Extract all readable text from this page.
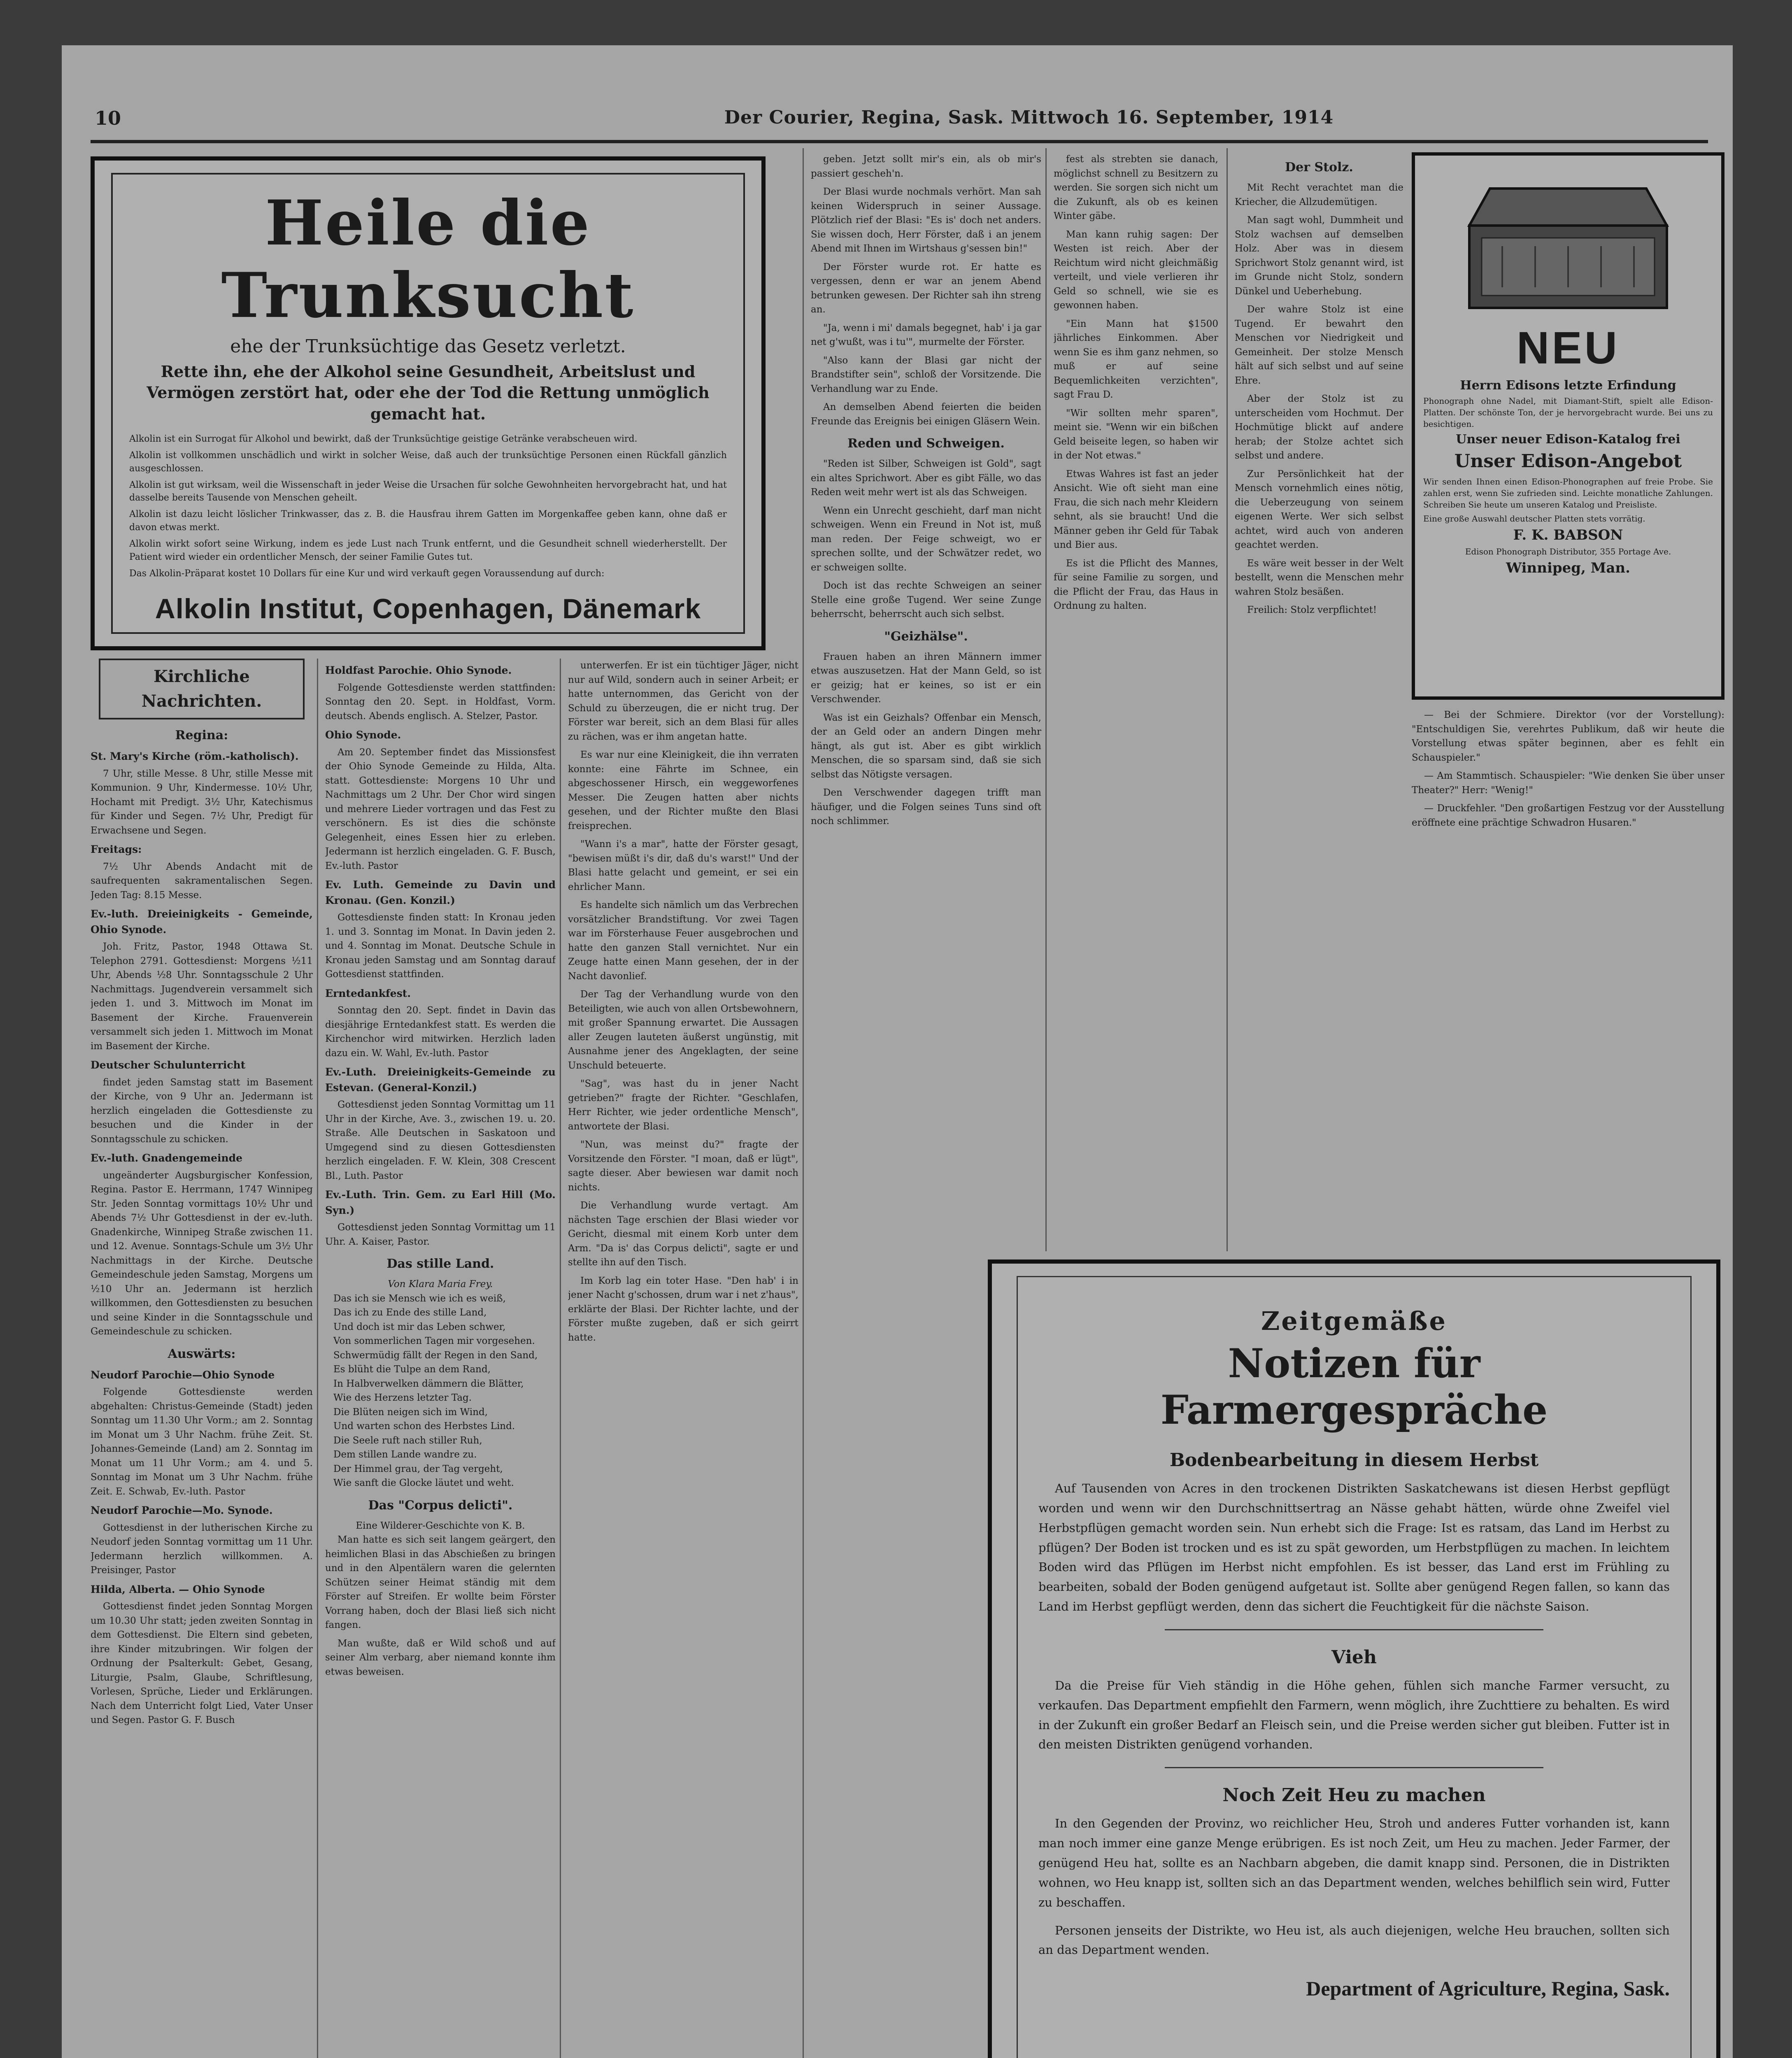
10	Der Courier, Regina, Sask. Mittwoch 16. September, 1914
Heile die Trunksucht
ehe der Trunksüchtige das Gesetz verletzt.
Rette ihn, ehe der Alkohol seine Gesundheit, Arbeitslust und Vermögen zerstört hat, oder ehe der Tod die Rettung unmöglich gemacht hat.

Alkolin ist ein Surrogat für Alkohol und bewirkt, daß der Trunksüchtige geistige Getränke verabscheuen wird.

Alkolin ist vollkommen unschädlich und wirkt in solcher Weise, daß auch der trunksüchtige Personen einen Rückfall gänzlich ausgeschlossen.

Alkolin ist gut wirksam, weil die Wissenschaft in jeder Weise die Ursachen für solche Gewohnheiten hervorgebracht hat, und hat dasselbe bereits Tausende von Menschen geheilt.

Alkolin ist dazu leicht löslicher Trinkwasser, das z. B. die Hausfrau ihrem Gatten im Morgenkaffee geben kann, ohne daß er davon etwas merkt.

Alkolin wirkt sofort seine Wirkung, indem es jede Lust nach Trunk entfernt, und die Gesundheit schnell wiederherstellt. Der Patient wird wieder ein ordentlicher Mensch, der seiner Familie Gutes tut.

Das Alkolin-Präparat kostet 10 Dollars für eine Kur und wird verkauft gegen Voraussendung auf durch:

Alkolin Institut, Copenhagen, Dänemark
Kirchliche Nachrichten.
Regina:
St. Mary's Kirche (röm.-katholisch).

7 Uhr, stille Messe. 8 Uhr, stille Messe mit Kommunion. 9 Uhr, Kindermesse. 10½ Uhr, Hochamt mit Predigt. 3½ Uhr, Katechismus für Kinder und Segen. 7½ Uhr, Predigt für Erwachsene und Segen.

Freitags:

7½ Uhr Abends Andacht mit de saufrequenten sakramentalischen Segen. Jeden Tag: 8.15 Messe.

Ev.-luth. Dreieinigkeits - Gemeinde, Ohio Synode.

Joh. Fritz, Pastor, 1948 Ottawa St. Telephon 2791. Gottesdienst: Morgens ½11 Uhr, Abends ½8 Uhr. Sonntagsschule 2 Uhr Nachmittags. Jugendverein versammelt sich jeden 1. und 3. Mittwoch im Monat im Basement der Kirche. Frauenverein versammelt sich jeden 1. Mittwoch im Monat im Basement der Kirche.

Deutscher Schulunterricht

findet jeden Samstag statt im Basement der Kirche, von 9 Uhr an. Jedermann ist herzlich eingeladen die Gottesdienste zu besuchen und die Kinder in der Sonntagsschule zu schicken.

Ev.-luth. Gnadengemeinde

ungeänderter Augsburgischer Konfession, Regina. Pastor E. Herrmann, 1747 Winnipeg Str. Jeden Sonntag vormittags 10½ Uhr und Abends 7½ Uhr Gottesdienst in der ev.-luth. Gnadenkirche, Winnipeg Straße zwischen 11. und 12. Avenue. Sonntags-Schule um 3½ Uhr Nachmittags in der Kirche. Deutsche Gemeindeschule jeden Samstag, Morgens um ½10 Uhr an. Jedermann ist herzlich willkommen, den Gottesdiensten zu besuchen und seine Kinder in die Sonntagsschule und Gemeindeschule zu schicken.

Auswärts:
Neudorf Parochie—Ohio Synode

Folgende Gottesdienste werden abgehalten: Christus-Gemeinde (Stadt) jeden Sonntag um 11.30 Uhr Vorm.; am 2. Sonntag im Monat um 3 Uhr Nachm. frühe Zeit. St. Johannes-Gemeinde (Land) am 2. Sonntag im Monat um 11 Uhr Vorm.; am 4. und 5. Sonntag im Monat um 3 Uhr Nachm. frühe Zeit. E. Schwab, Ev.-luth. Pastor

Neudorf Parochie—Mo. Synode.

Gottesdienst in der lutherischen Kirche zu Neudorf jeden Sonntag vormittag um 11 Uhr. Jedermann herzlich willkommen. A. Preisinger, Pastor

Hilda, Alberta. — Ohio Synode

Gottesdienst findet jeden Sonntag Morgen um 10.30 Uhr statt; jeden zweiten Sonntag in dem Gottesdienst. Die Eltern sind gebeten, ihre Kinder mitzubringen. Wir folgen der Ordnung der Psalterkult: Gebet, Gesang, Liturgie, Psalm, Glaube, Schriftlesung, Vorlesen, Sprüche, Lieder und Erklärungen. Nach dem Unterricht folgt Lied, Vater Unser und Segen. Pastor G. F. Busch

Holdfast Parochie. Ohio Synode.

Folgende Gottesdienste werden stattfinden: Sonntag den 20. Sept. in Holdfast, Vorm. deutsch. Abends englisch. A. Stelzer, Pastor.

Ohio Synode.

Am 20. September findet das Missionsfest der Ohio Synode Gemeinde zu Hilda, Alta. statt. Gottesdienste: Morgens 10 Uhr und Nachmittags um 2 Uhr. Der Chor wird singen und mehrere Lieder vortragen und das Fest zu verschönern. Es ist dies die schönste Gelegenheit, eines Essen hier zu erleben. Jedermann ist herzlich eingeladen. G. F. Busch, Ev.-luth. Pastor

Ev. Luth. Gemeinde zu Davin und Kronau. (Gen. Konzil.)

Gottesdienste finden statt: In Kronau jeden 1. und 3. Sonntag im Monat. In Davin jeden 2. und 4. Sonntag im Monat. Deutsche Schule in Kronau jeden Samstag und am Sonntag darauf Gottesdienst stattfinden.

Erntedankfest.

Sonntag den 20. Sept. findet in Davin das diesjährige Erntedankfest statt. Es werden die Kirchenchor wird mitwirken. Herzlich laden dazu ein. W. Wahl, Ev.-luth. Pastor

Ev.-Luth. Dreieinigkeits-Gemeinde zu Estevan. (General-Konzil.)

Gottesdienst jeden Sonntag Vormittag um 11 Uhr in der Kirche, Ave. 3., zwischen 19. u. 20. Straße. Alle Deutschen in Saskatoon und Umgegend sind zu diesen Gottesdiensten herzlich eingeladen. F. W. Klein, 308 Crescent Bl., Luth. Pastor

Ev.-Luth. Trin. Gem. zu Earl Hill (Mo. Syn.)

Gottesdienst jeden Sonntag Vormittag um 11 Uhr. A. Kaiser, Pastor.

Das stille Land.
Von Klara Maria Frey.
Das ich sie Mensch wie ich es weiß,
Das ich zu Ende des stille Land,
Und doch ist mir das Leben schwer,
Von sommerlichen Tagen mir vorgesehen.
Schwermüdig fällt der Regen in den Sand,
Es blüht die Tulpe an dem Rand,
In Halbverwelken dämmern die Blätter,
Wie des Herzens letzter Tag.
Die Blüten neigen sich im Wind,
Und warten schon des Herbstes Lind.
Die Seele ruft nach stiller Ruh,
Dem stillen Lande wandre zu.
Der Himmel grau, der Tag vergeht,
Wie sanft die Glocke läutet und weht.
Das "Corpus delicti".
Eine Wilderer-Geschichte von K. B.

Man hatte es sich seit langem geärgert, den heimlichen Blasi in das Abschießen zu bringen und in den Alpentälern waren die gelernten Schützen seiner Heimat ständig mit dem Förster auf Streifen. Er wollte beim Förster Vorrang haben, doch der Blasi ließ sich nicht fangen.

Man wußte, daß er Wild schoß und auf seiner Alm verbarg, aber niemand konnte ihm etwas beweisen.

unterwerfen. Er ist ein tüchtiger Jäger, nicht nur auf Wild, sondern auch in seiner Arbeit; er hatte unternommen, das Gericht von der Schuld zu überzeugen, die er nicht trug. Der Förster war bereit, sich an dem Blasi für alles zu rächen, was er ihm angetan hatte.

Es war nur eine Kleinigkeit, die ihn verraten konnte: eine Fährte im Schnee, ein abgeschossener Hirsch, ein weggeworfenes Messer. Die Zeugen hatten aber nichts gesehen, und der Richter mußte den Blasi freisprechen.

"Wann i's a mar", hatte der Förster gesagt, "bewisen müßt i's dir, daß du's warst!" Und der Blasi hatte gelacht und gemeint, er sei ein ehrlicher Mann.

Es handelte sich nämlich um das Verbrechen vorsätzlicher Brandstiftung. Vor zwei Tagen war im Försterhause Feuer ausgebrochen und hatte den ganzen Stall vernichtet. Nur ein Zeuge hatte einen Mann gesehen, der in der Nacht davonlief.

Der Tag der Verhandlung wurde von den Beteiligten, wie auch von allen Ortsbewohnern, mit großer Spannung erwartet. Die Aussagen aller Zeugen lauteten äußerst ungünstig, mit Ausnahme jener des Angeklagten, der seine Unschuld beteuerte.

"Sag", was hast du in jener Nacht getrieben?" fragte der Richter. "Geschlafen, Herr Richter, wie jeder ordentliche Mensch", antwortete der Blasi.

"Nun, was meinst du?" fragte der Vorsitzende den Förster. "I moan, daß er lügt", sagte dieser. Aber bewiesen war damit noch nichts.

Die Verhandlung wurde vertagt. Am nächsten Tage erschien der Blasi wieder vor Gericht, diesmal mit einem Korb unter dem Arm. "Da is' das Corpus delicti", sagte er und stellte ihn auf den Tisch.

Im Korb lag ein toter Hase. "Den hab' i in jener Nacht g'schossen, drum war i net z'haus", erklärte der Blasi. Der Richter lachte, und der Förster mußte zugeben, daß er sich geirrt hatte.

geben. Jetzt sollt mir's ein, als ob mir's passiert gescheh'n.

Der Blasi wurde nochmals verhört. Man sah keinen Widerspruch in seiner Aussage. Plötzlich rief der Blasi: "Es is' doch net anders. Sie wissen doch, Herr Förster, daß i an jenem Abend mit Ihnen im Wirtshaus g'sessen bin!"

Der Förster wurde rot. Er hatte es vergessen, denn er war an jenem Abend betrunken gewesen. Der Richter sah ihn streng an.

"Ja, wenn i mi' damals begegnet, hab' i ja gar net g'wußt, was i tu'", murmelte der Förster.

"Also kann der Blasi gar nicht der Brandstifter sein", schloß der Vorsitzende. Die Verhandlung war zu Ende.

An demselben Abend feierten die beiden Freunde das Ereignis bei einigen Gläsern Wein.

Reden und Schweigen.

"Reden ist Silber, Schweigen ist Gold", sagt ein altes Sprichwort. Aber es gibt Fälle, wo das Reden weit mehr wert ist als das Schweigen.

Wenn ein Unrecht geschieht, darf man nicht schweigen. Wenn ein Freund in Not ist, muß man reden. Der Feige schweigt, wo er sprechen sollte, und der Schwätzer redet, wo er schweigen sollte.

Doch ist das rechte Schweigen an seiner Stelle eine große Tugend. Wer seine Zunge beherrscht, beherrscht auch sich selbst.

"Geizhälse".

Frauen haben an ihren Männern immer etwas auszusetzen. Hat der Mann Geld, so ist er geizig; hat er keines, so ist er ein Verschwender.

Was ist ein Geizhals? Offenbar ein Mensch, der an Geld oder an andern Dingen mehr hängt, als gut ist. Aber es gibt wirklich Menschen, die so sparsam sind, daß sie sich selbst das Nötigste versagen.

Den Verschwender dagegen trifft man häufiger, und die Folgen seines Tuns sind oft noch schlimmer.

fest als strebten sie danach, möglichst schnell zu Besitzern zu werden. Sie sorgen sich nicht um die Zukunft, als ob es keinen Winter gäbe.

Man kann ruhig sagen: Der Westen ist reich. Aber der Reichtum wird nicht gleichmäßig verteilt, und viele verlieren ihr Geld so schnell, wie sie es gewonnen haben.

"Ein Mann hat $1500 jährliches Einkommen. Aber wenn Sie es ihm ganz nehmen, so muß er auf seine Bequemlichkeiten verzichten", sagt Frau D.

"Wir sollten mehr sparen", meint sie. "Wenn wir ein bißchen Geld beiseite legen, so haben wir in der Not etwas."

Etwas Wahres ist fast an jeder Ansicht. Wie oft sieht man eine Frau, die sich nach mehr Kleidern sehnt, als sie braucht! Und die Männer geben ihr Geld für Tabak und Bier aus.

Es ist die Pflicht des Mannes, für seine Familie zu sorgen, und die Pflicht der Frau, das Haus in Ordnung zu halten.

Der Stolz.

Mit Recht verachtet man die Kriecher, die Allzudemütigen.

Man sagt wohl, Dummheit und Stolz wachsen auf demselben Holz. Aber was in diesem Sprichwort Stolz genannt wird, ist im Grunde nicht Stolz, sondern Dünkel und Ueberhebung.

Der wahre Stolz ist eine Tugend. Er bewahrt den Menschen vor Niedrigkeit und Gemeinheit. Der stolze Mensch hält auf sich selbst und auf seine Ehre.

Aber der Stolz ist zu unterscheiden vom Hochmut. Der Hochmütige blickt auf andere herab; der Stolze achtet sich selbst und andere.

Zur Persönlichkeit hat der Mensch vornehmlich eines nötig, die Ueberzeugung von seinem eigenen Werte. Wer sich selbst achtet, wird auch von anderen geachtet werden.

Es wäre weit besser in der Welt bestellt, wenn die Menschen mehr wahren Stolz besäßen.

Freilich: Stolz verpflichtet!

— Bei der Schmiere. Direktor (vor der Vorstellung): "Entschuldigen Sie, verehrtes Publikum, daß wir heute die Vorstellung etwas später beginnen, aber es fehlt ein Schauspieler."

— Am Stammtisch. Schauspieler: "Wie denken Sie über unser Theater?" Herr: "Wenig!"

— Druckfehler. "Den großartigen Festzug vor der Ausstellung eröffnete eine prächtige Schwadron Husaren."

NEU
Herrn Edisons letzte Erfindung
Phonograph ohne Nadel, mit Diamant-Stift, spielt alle Edison-Platten. Der schönste Ton, der je hervorgebracht wurde. Bei uns zu besichtigen.
Unser neuer Edison-Katalog frei
Unser Edison-Angebot
Wir senden Ihnen einen Edison-Phonographen auf freie Probe. Sie zahlen erst, wenn Sie zufrieden sind. Leichte monatliche Zahlungen. Schreiben Sie heute um unseren Katalog und Preisliste.
Eine große Auswahl deutscher Platten stets vorrätig.
F. K. BABSON
Edison Phonograph Distributor, 355 Portage Ave.
Winnipeg, Man.
Zeitgemäße
Notizen für Farmergespräche
Bodenbearbeitung in diesem Herbst

Auf Tausenden von Acres in den trockenen Distrikten Saskatchewans ist diesen Herbst gepflügt worden und wenn wir den Durchschnittsertrag an Nässe gehabt hätten, würde ohne Zweifel viel Herbstpflügen gemacht worden sein. Nun erhebt sich die Frage: Ist es ratsam, das Land im Herbst zu pflügen? Der Boden ist trocken und es ist zu spät geworden, um Herbstpflügen zu machen. In leichtem Boden wird das Pflügen im Herbst nicht empfohlen. Es ist besser, das Land erst im Frühling zu bearbeiten, sobald der Boden genügend aufgetaut ist. Sollte aber genügend Regen fallen, so kann das Land im Herbst gepflügt werden, denn das sichert die Feuchtigkeit für die nächste Saison.

Vieh

Da die Preise für Vieh ständig in die Höhe gehen, fühlen sich manche Farmer versucht, zu verkaufen. Das Department empfiehlt den Farmern, wenn möglich, ihre Zuchttiere zu behalten. Es wird in der Zukunft ein großer Bedarf an Fleisch sein, und die Preise werden sicher gut bleiben. Futter ist in den meisten Distrikten genügend vorhanden.

Noch Zeit Heu zu machen

In den Gegenden der Provinz, wo reichlicher Heu, Stroh und anderes Futter vorhanden ist, kann man noch immer eine ganze Menge erübrigen. Es ist noch Zeit, um Heu zu machen. Jeder Farmer, der genügend Heu hat, sollte es an Nachbarn abgeben, die damit knapp sind. Personen, die in Distrikten wohnen, wo Heu knapp ist, sollten sich an das Department wenden, welches behilflich sein wird, Futter zu beschaffen.

Personen jenseits der Distrikte, wo Heu ist, als auch diejenigen, welche Heu brauchen, sollten sich an das Department wenden.

Department of Agriculture, Regina, Sask.
